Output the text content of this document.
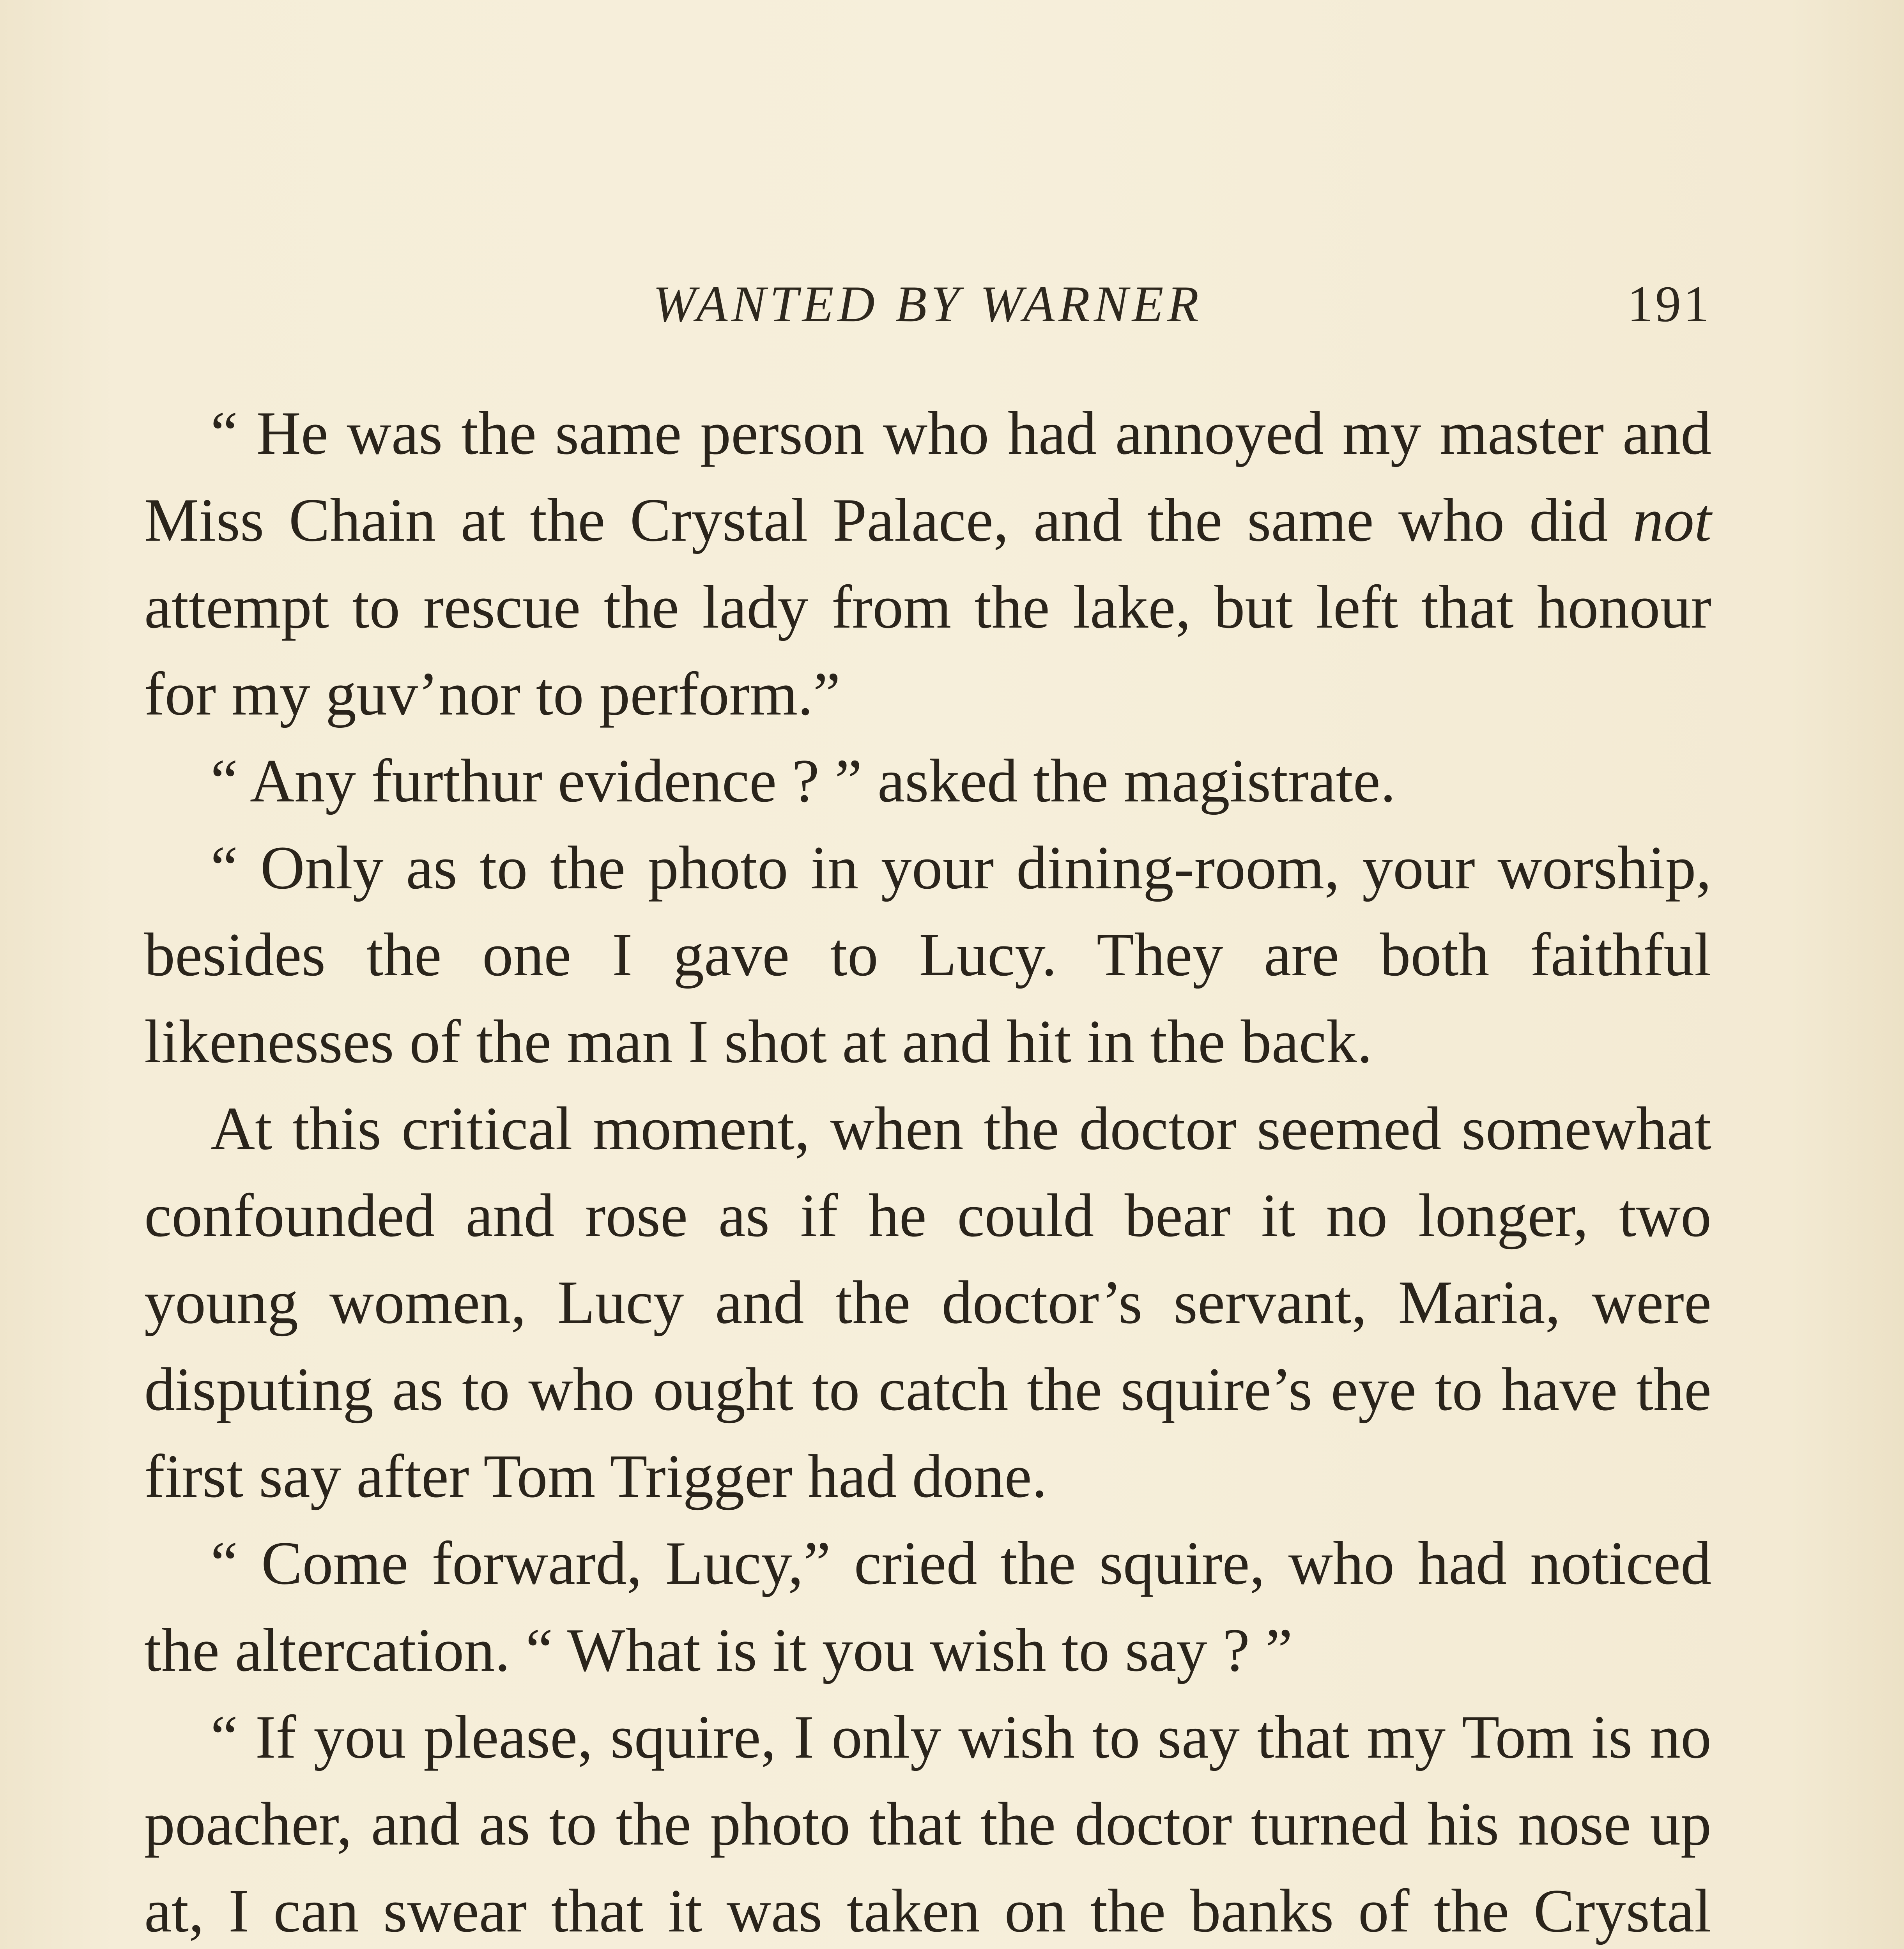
WANTED BY WARNER	191

“ He was the same person who had annoyed my master and Miss Chain at the Crystal Palace, and the same who did not attempt to rescue the lady from the lake, but left that honour for my guv’nor to perform.”

“ Any furthur evidence ? ” asked the magistrate.

“ Only as to the photo in your dining-room, your worship, besides the one I gave to Lucy. They are both faithful likenesses of the man I shot at and hit in the back.

At this critical moment, when the doctor seemed somewhat confounded and rose as if he could bear it no longer, two young women, Lucy and the doctor’s servant, Maria, were disputing as to who ought to catch the squire’s eye to have the first say after Tom Trigger had done.

“ Come forward, Lucy,” cried the squire, who had noticed the altercation. “ What is it you wish to say ? ”

“ If you please, squire, I only wish to say that my Tom is no poacher, and as to the photo that the doctor turned his nose up at, I can swear that it was taken on the banks of the Crystal
